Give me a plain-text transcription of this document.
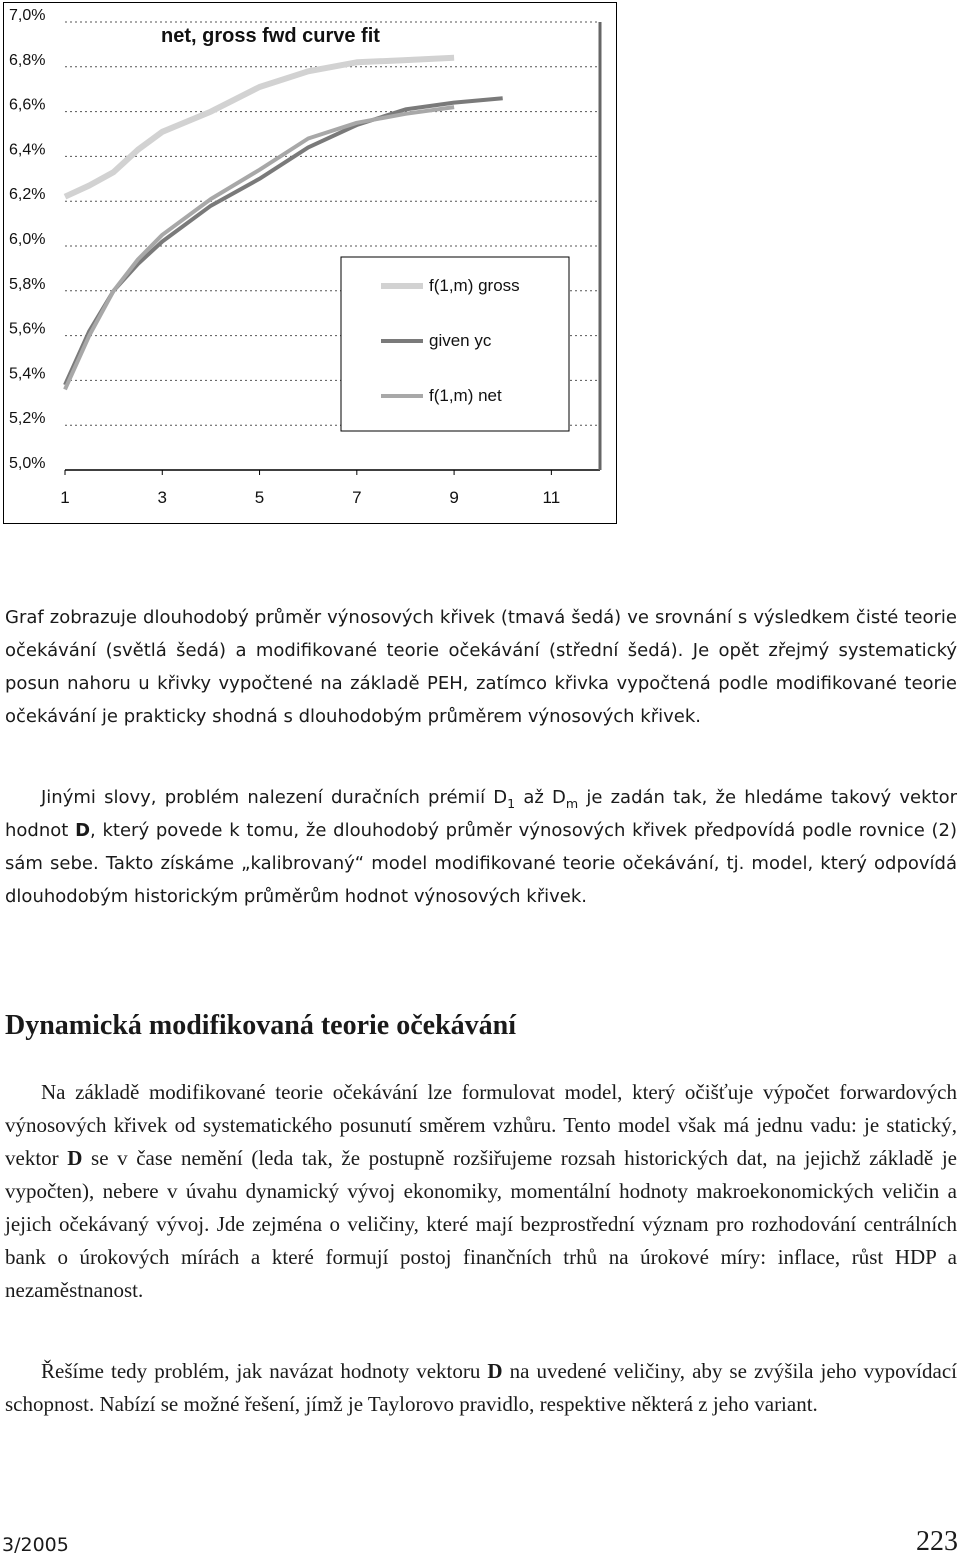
5,0%
5,2%
5,4%
5,6%
5,8%
6,0%
6,2%
6,4%
6,6%
6,8%
7,0%
1	3	5	7	9	11
net, gross fwd curve fit
f(1,m) gross
given yc
f(1,m) net

Graf zobrazuje dlouhodobý průměr výnosových křivek (tmavá šedá) ve srovnání s výsledkem čisté teorie očekávání (světlá šedá) a modifikované teorie očekávání (střední šedá). Je opět zřejmý systematický posun nahoru u křivky vypočtené na základě PEH, zatímco křivka vypočtená podle modifikované teorie očekávání je prakticky shodná s dlouhodobým průměrem výnosových křivek.

Jinými slovy, problém nalezení duračních prémií $D_1$ až $D_m$ je zadán tak, že hledáme takový vektor hodnot D, který povede k tomu, že dlouhodobý průměr výnosových křivek předpovídá podle rovnice (2) sám sebe. Takto získáme „kalibrovaný“ model modifikované teorie očekávání, tj. model, který odpovídá dlouhodobým historickým průměrům hodnot výnosových křivek.

Dynamická modifikovaná teorie očekávání

Na základě modifikované teorie očekávání lze formulovat model, který očišťuje výpočet forwardových výnosových křivek od systematického posunutí směrem vzhůru. Tento model však má jednu vadu: je statický, vektor D se v čase nemění (leda tak, že postupně rozšiřujeme rozsah historických dat, na jejichž základě je vypočten), nebere v úvahu dynamický vývoj ekonomiky, momentální hodnoty makroekonomických veličin a jejich očekávaný vývoj. Jde zejména o veličiny, které mají bezprostřední význam pro rozhodování centrálních bank o úrokových mírách a které formují postoj finančních trhů na úrokové míry: inflace, růst HDP a nezaměstnanost.

Řešíme tedy problém, jak navázat hodnoty vektoru D na uvedené veličiny, aby se zvýšila jeho vypovídací schopnost. Nabízí se možné řešení, jímž je Taylorovo pravidlo, respektive některá z jeho variant.

3/2005	223
